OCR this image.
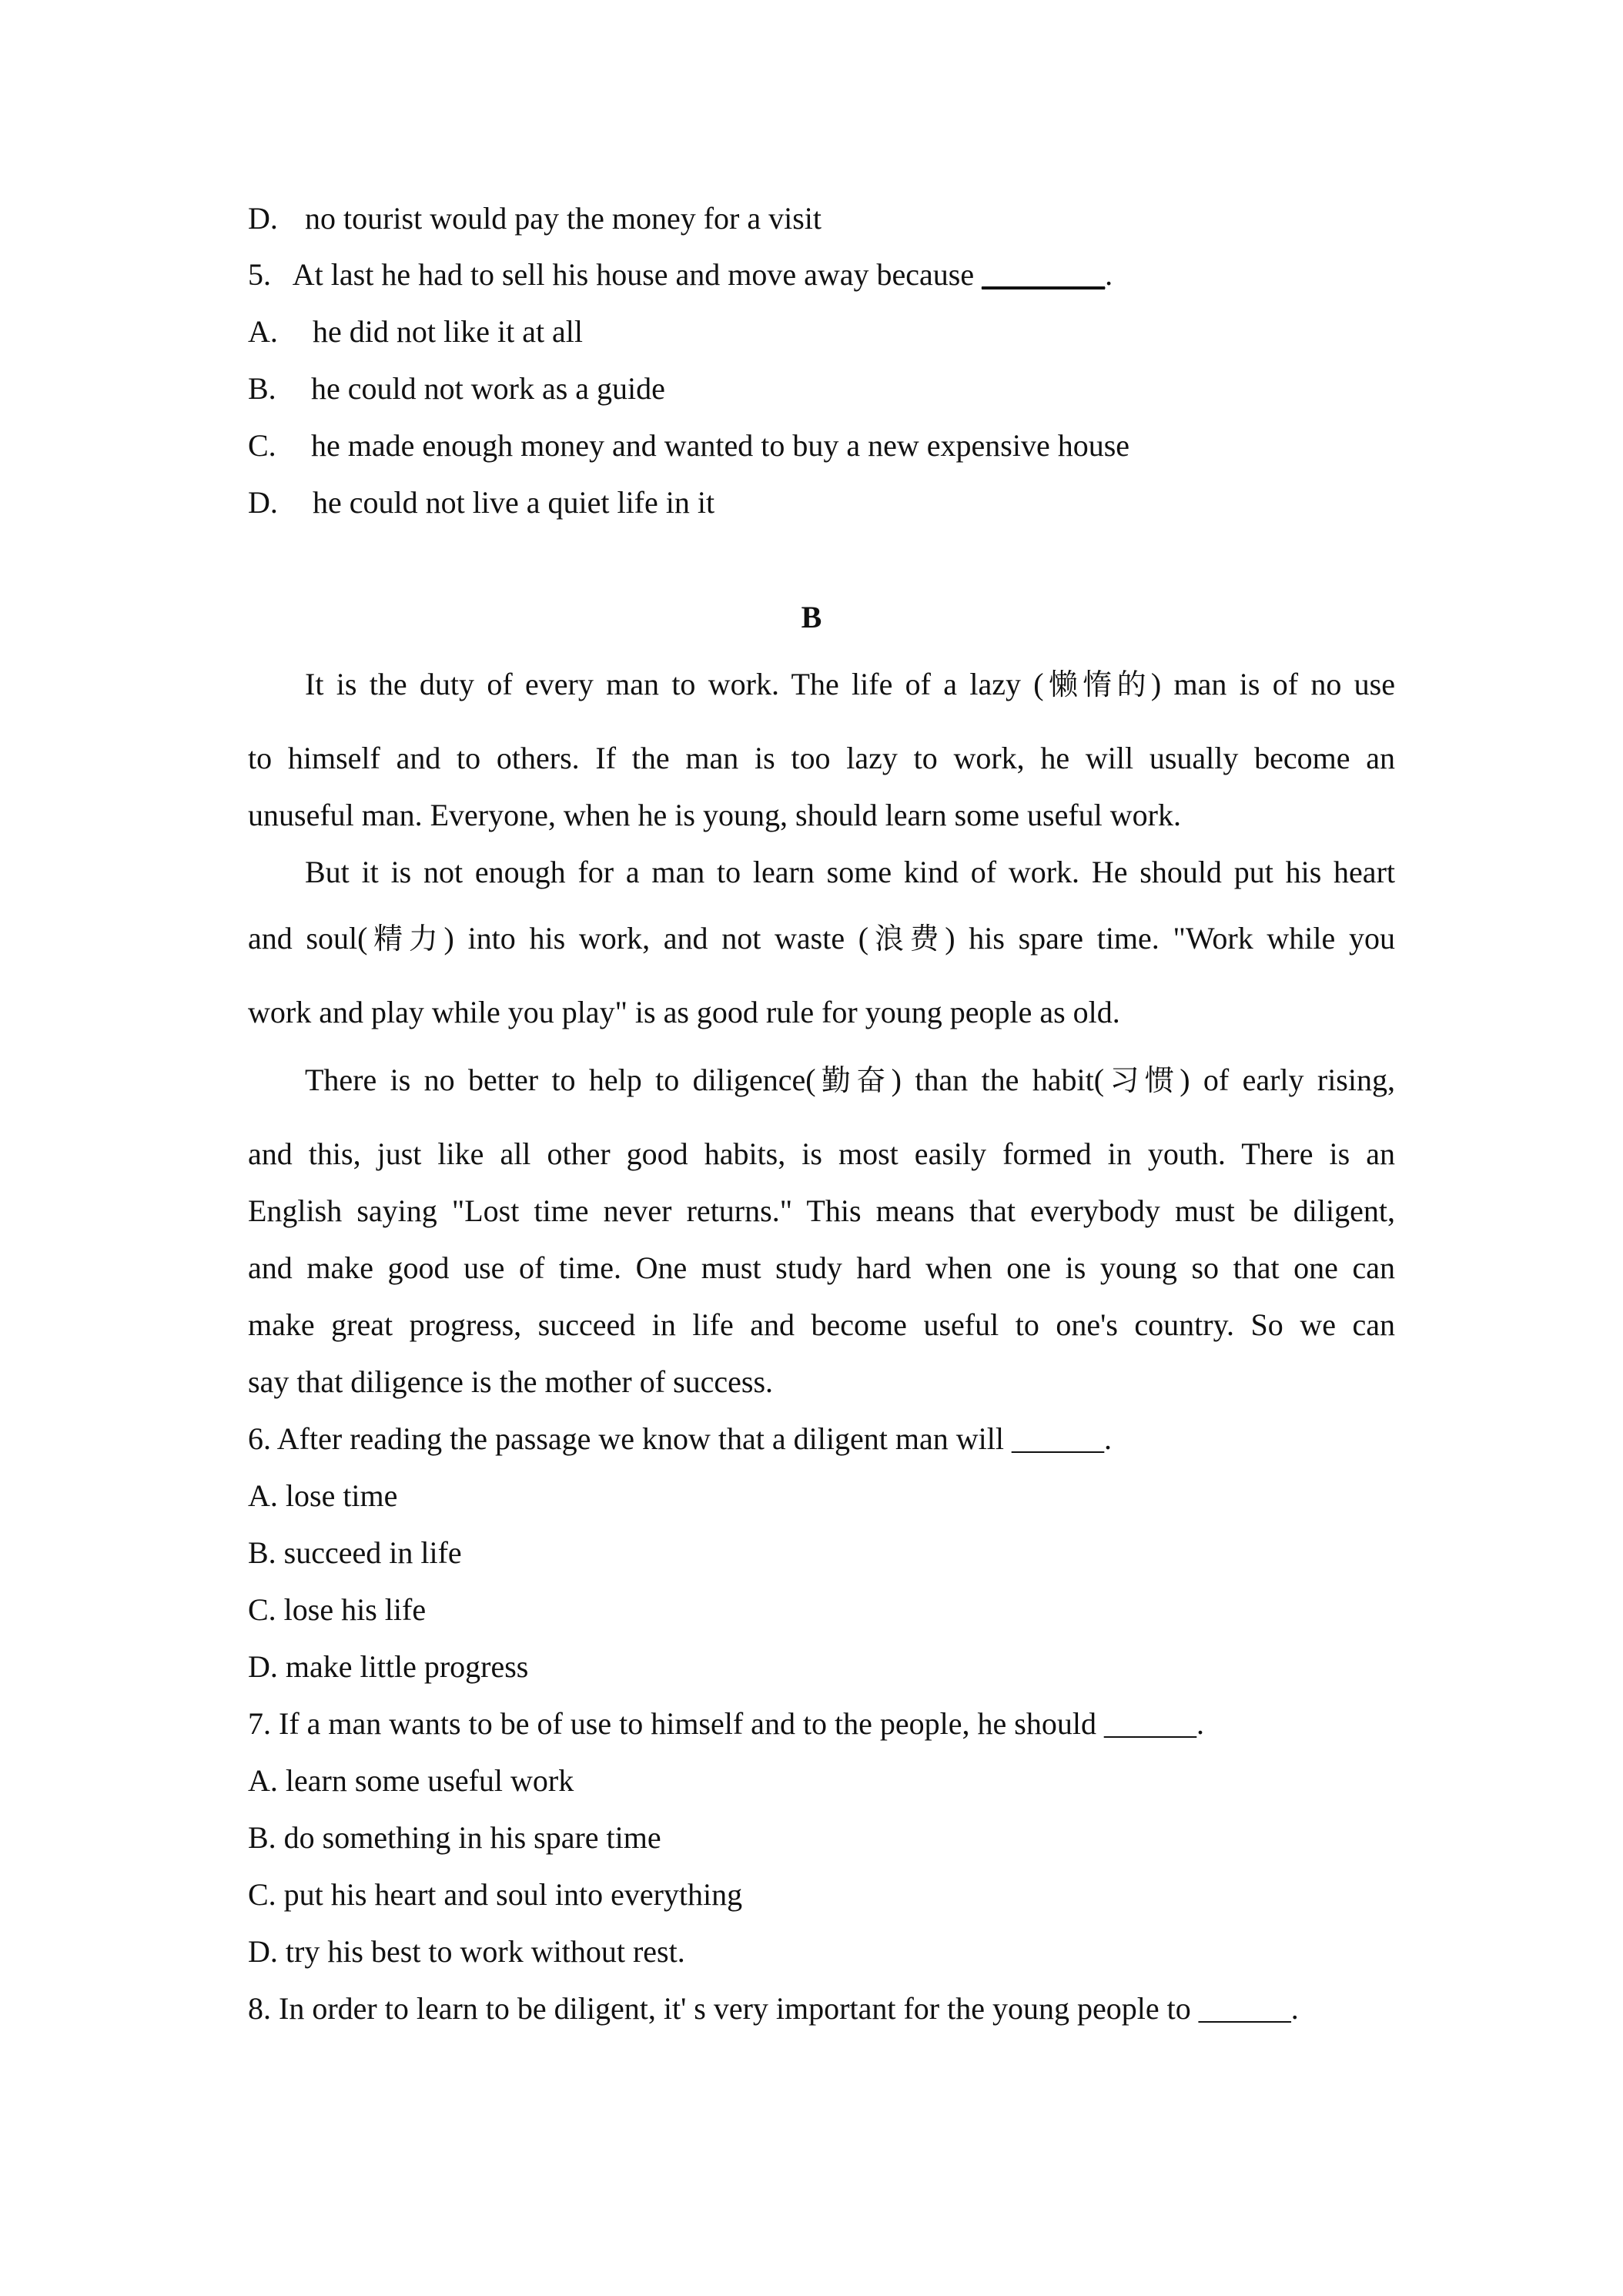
D. no tourist would pay the money for a visit
5.   At last he had to sell his house and move away because ________.
A. he did not like it at all
B. he could not work as a guide
C. he made enough money and wanted to buy a new expensive house
D. he could not live a quiet life in it
B
It is the duty of every man to work. The life of a lazy (懒惰的) man is of no use
to himself and to others. If the man is too lazy to work, he will usually become an
unuseful man. Everyone, when he is young, should learn some useful work.
But it is not enough for a man to learn some kind of work. He should put his heart
and soul(精力) into his work, and not waste (浪费) his spare time. "Work while you
work and play while you play" is as good rule for young people as old.
There is no better to help to diligence(勤奋) than the habit(习惯) of early rising,
and this, just like all other good habits, is most easily formed in youth. There is an
English saying "Lost time never returns." This means that everybody must be diligent,
and make good use of time. One must study hard when one is young so that one can
make great progress, succeed in life and become useful to one's country. So we can
say that diligence is the mother of success.
6. After reading the passage we know that a diligent man will ______.
A. lose time
B. succeed in life
C. lose his life
D. make little progress
7. If a man wants to be of use to himself and to the people, he should ______.
A. learn some useful work
B. do something in his spare time
C. put his heart and soul into everything
D. try his best to work without rest.
8. In order to learn to be diligent, it' s very important for the young people to ______.
